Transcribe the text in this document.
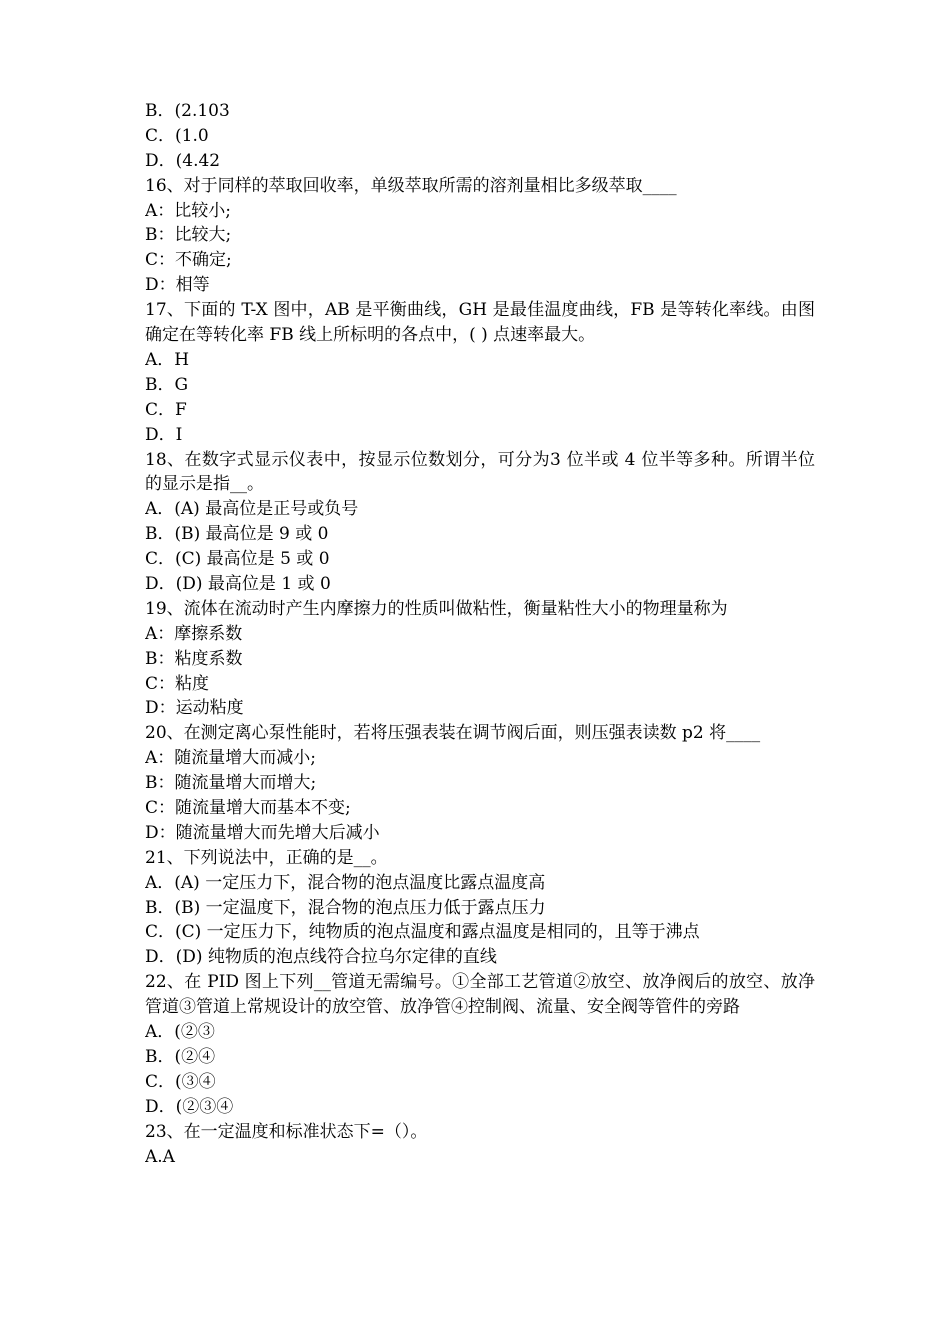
B．(2.103
C．(1.0
D．(4.42
16、对于同样的萃取回收率，单级萃取所需的溶剂量相比多级萃取____
A：比较小;
B：比较大;
C：不确定;
D：相等
17、下面的 T-X 图中，AB 是平衡曲线，GH 是最佳温度曲线，FB 是等转化率线。由图确定在等转化率 FB 线上所标明的各点中，( ) 点速率最大。
A．H
B．G
C．F
D．I
18、在数字式显示仪表中，按显示位数划分，可分为3 位半或 4 位半等多种。所谓半位的显示是指__。
A．(A) 最高位是正号或负号
B．(B) 最高位是 9 或 0
C．(C) 最高位是 5 或 0
D．(D) 最高位是 1 或 0
19、流体在流动时产生内摩擦力的性质叫做粘性，衡量粘性大小的物理量称为
A：摩擦系数
B：粘度系数
C：粘度
D：运动粘度
20、在测定离心泵性能时，若将压强表装在调节阀后面，则压强表读数 p2 将____
A：随流量增大而减小;
B：随流量增大而增大;
C：随流量增大而基本不变;
D：随流量增大而先增大后减小
21、下列说法中，正确的是__。
A．(A) 一定压力下，混合物的泡点温度比露点温度高
B．(B) 一定温度下，混合物的泡点压力低于露点压力
C．(C) 一定压力下，纯物质的泡点温度和露点温度是相同的，且等于沸点
D．(D) 纯物质的泡点线符合拉乌尔定律的直线
22、在 PID 图上下列__管道无需编号。①全部工艺管道②放空、放净阀后的放空、放净管道③管道上常规设计的放空管、放净管④控制阀、流量、安全阀等管件的旁路
A．(②③
B．(②④
C．(③④
D．(②③④
23、在一定温度和标准状态下=（）。
A.A
